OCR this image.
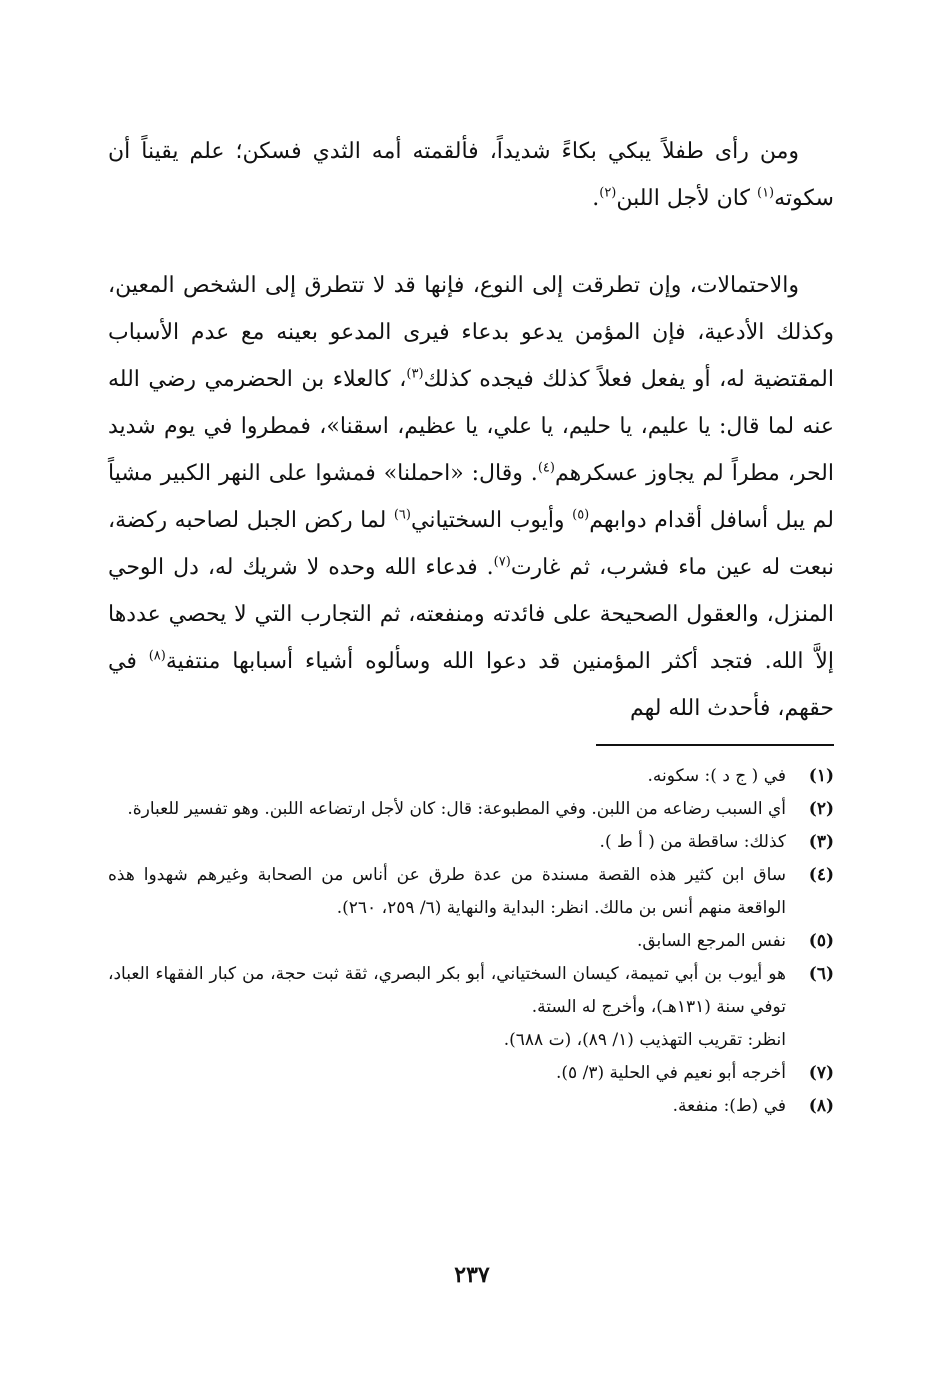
ومن رأى طفلاً يبكي بكاءً شديداً، فألقمته أمه الثدي فسكن؛ علم يقيناً أن سكوته$^{(١)}$ كان لأجل اللبن$^{(٢)}$.

والاحتمالات، وإن تطرقت إلى النوع، فإنها قد لا تتطرق إلى الشخص المعين، وكذلك الأدعية، فإن المؤمن يدعو بدعاء فيرى المدعو بعينه مع عدم الأسباب المقتضية له، أو يفعل فعلاً كذلك فيجده كذلك$^{(٣)}$، كالعلاء بن الحضرمي رضي الله عنه لما قال: يا عليم، يا حليم، يا علي، يا عظيم، اسقنا»، فمطروا في يوم شديد الحر، مطراً لم يجاوز عسكرهم$^{(٤)}$. وقال: «احملنا» فمشوا على النهر الكبير مشياً لم يبل أسافل أقدام دوابهم$^{(٥)}$ وأيوب السختياني$^{(٦)}$ لما ركض الجبل لصاحبه ركضة، نبعت له عين ماء فشرب، ثم غارت$^{(٧)}$. فدعاء الله وحده لا شريك له، دل الوحي المنزل، والعقول الصحيحة على فائدته ومنفعته، ثم التجارب التي لا يحصي عددها إلاَّ الله. فتجد أكثر المؤمنين قد دعوا الله وسألوه أشياء أسبابها منتفية$^{(٨)}$ في حقهم، فأحدث الله لهم

(١)
في ( ج د ): سكونه.
(٢)
أي السبب رضاعه من اللبن. وفي المطبوعة: قال: كان لأجل ارتضاعه اللبن. وهو تفسير للعبارة.
(٣)
كذلك: ساقطة من ( أ ط ).
(٤)
ساق ابن كثير هذه القصة مسندة من عدة طرق عن أناس من الصحابة وغيرهم شهدوا هذه الواقعة منهم أنس بن مالك. انظر: البداية والنهاية (٦/ ٢٥٩، ٢٦٠).
(٥)
نفس المرجع السابق.
(٦)
هو أيوب بن أبي تميمة، كيسان السختياني، أبو بكر البصري، ثقة ثبت حجة، من كبار الفقهاء العباد، توفي سنة (١٣١هـ)، وأخرج له الستة.
انظر: تقريب التهذيب (١/ ٨٩)، (ت ٦٨٨).
(٧)
أخرجه أبو نعيم في الحلية (٣/ ٥).
(٨)
في (ط): منفعة.
٢٣٧
